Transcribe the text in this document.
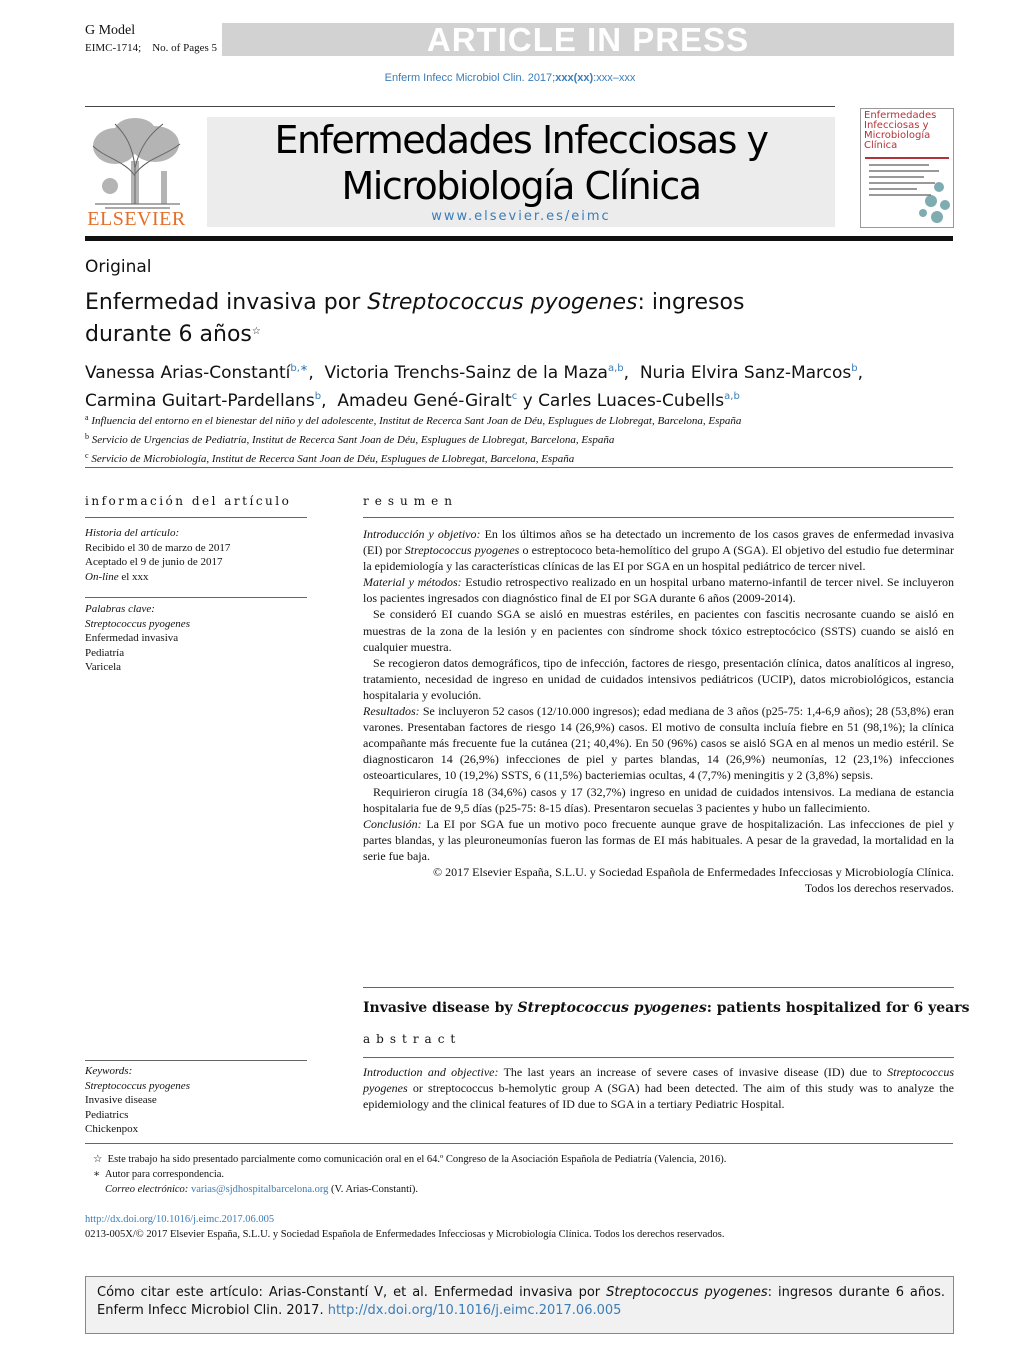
G Model
EIMC-1714; No. of Pages 5	ARTICLE IN PRESS
Enferm Infecc Microbiol Clin. 2017;xxx(xx):xxx–xxx
ELSEVIER
Enfermedades Infecciosas y
Microbiología Clínica
www.elsevier.es/eimc
Enfermedades Infecciosas y Microbiología Clínica
Original
Enfermedad invasiva por Streptococcus pyogenes: ingresos durante 6 años☆
Vanessa Arias-Constantí$^{b,∗}$,  Victoria Trenchs-Sainz de la Maza$^{a,b}$,  Nuria Elvira Sanz-Marcos$^b$,
Carmina Guitart-Pardellans$^b$,  Amadeu Gené-Giralt$^c$ y Carles Luaces-Cubells$^{a,b}$
$^a$ Influencia del entorno en el bienestar del niño y del adolescente, Institut de Recerca Sant Joan de Déu, Esplugues de Llobregat, Barcelona, España
$^b$ Servicio de Urgencias de Pediatría, Institut de Recerca Sant Joan de Déu, Esplugues de Llobregat, Barcelona, España
$^c$ Servicio de Microbiología, Institut de Recerca Sant Joan de Déu, Esplugues de Llobregat, Barcelona, España
información del artículo
Historia del artículo:
Recibido el 30 de marzo de 2017
Aceptado el 9 de junio de 2017
On-line el xxx
Palabras clave:
Streptococcus pyogenes
Enfermedad invasiva
Pediatría
Varicela
resumen

Introducción y objetivo: En los últimos años se ha detectado un incremento de los casos graves de enfermedad invasiva (EI) por Streptococcus pyogenes o estreptococo beta-hemolítico del grupo A (SGA). El objetivo del estudio fue determinar la epidemiología y las características clínicas de las EI por SGA en un hospital pediátrico de tercer nivel.

Material y métodos: Estudio retrospectivo realizado en un hospital urbano materno-infantil de tercer nivel. Se incluyeron los pacientes ingresados con diagnóstico final de EI por SGA durante 6 años (2009-2014).

Se consideró EI cuando SGA se aisló en muestras estériles, en pacientes con fascitis necrosante cuando se aisló en muestras de la zona de la lesión y en pacientes con síndrome shock tóxico estreptocócico (SSTS) cuando se aisló en cualquier muestra.

Se recogieron datos demográficos, tipo de infección, factores de riesgo, presentación clínica, datos analíticos al ingreso, tratamiento, necesidad de ingreso en unidad de cuidados intensivos pediátricos (UCIP), datos microbiológicos, estancia hospitalaria y evolución.

Resultados: Se incluyeron 52 casos (12/10.000 ingresos); edad mediana de 3 años (p25-75: 1,4-6,9 años); 28 (53,8%) eran varones. Presentaban factores de riesgo 14 (26,9%) casos. El motivo de consulta incluía fiebre en 51 (98,1%); la clínica acompañante más frecuente fue la cutánea (21; 40,4%). En 50 (96%) casos se aisló SGA en al menos un medio estéril. Se diagnosticaron 14 (26,9%) infecciones de piel y partes blandas, 14 (26,9%) neumonías, 12 (23,1%) infecciones osteoarticulares, 10 (19,2%) SSTS, 6 (11,5%) bacteriemias ocultas, 4 (7,7%) meningitis y 2 (3,8%) sepsis.

Requirieron cirugía 18 (34,6%) casos y 17 (32,7%) ingreso en unidad de cuidados intensivos. La mediana de estancia hospitalaria fue de 9,5 días (p25-75: 8-15 días). Presentaron secuelas 3 pacientes y hubo un fallecimiento.

Conclusión: La EI por SGA fue un motivo poco frecuente aunque grave de hospitalización. Las infecciones de piel y partes blandas, y las pleuroneumonías fueron las formas de EI más habituales. A pesar de la gravedad, la mortalidad en la serie fue baja.

© 2017 Elsevier España, S.L.U. y Sociedad Española de Enfermedades Infecciosas y Microbiología Clínica. Todos los derechos reservados.

Invasive disease by Streptococcus pyogenes: patients hospitalized for 6 years
abstract

Introduction and objective: The last years an increase of severe cases of invasive disease (ID) due to Streptococcus pyogenes or streptococcus b-hemolytic group A (SGA) had been detected. The aim of this study was to analyze the epidemiology and the clinical features of ID due to SGA in a tertiary Pediatric Hospital.

Keywords:
Streptococcus pyogenes
Invasive disease
Pediatrics
Chickenpox
☆ Este trabajo ha sido presentado parcialmente como comunicación oral en el 64.º Congreso de la Asociación Española de Pediatría (Valencia, 2016).
∗ Autor para correspondencia.
Correo electrónico: varias@sjdhospitalbarcelona.org (V. Arias-Constantí).
http://dx.doi.org/10.1016/j.eimc.2017.06.005
0213-005X/© 2017 Elsevier España, S.L.U. y Sociedad Española de Enfermedades Infecciosas y Microbiología Clínica. Todos los derechos reservados.
Cómo citar este artículo: Arias-Constantí V, et al. Enfermedad invasiva por Streptococcus pyogenes: ingresos durante 6 años. Enferm Infecc Microbiol Clin. 2017. http://dx.doi.org/10.1016/j.eimc.2017.06.005
